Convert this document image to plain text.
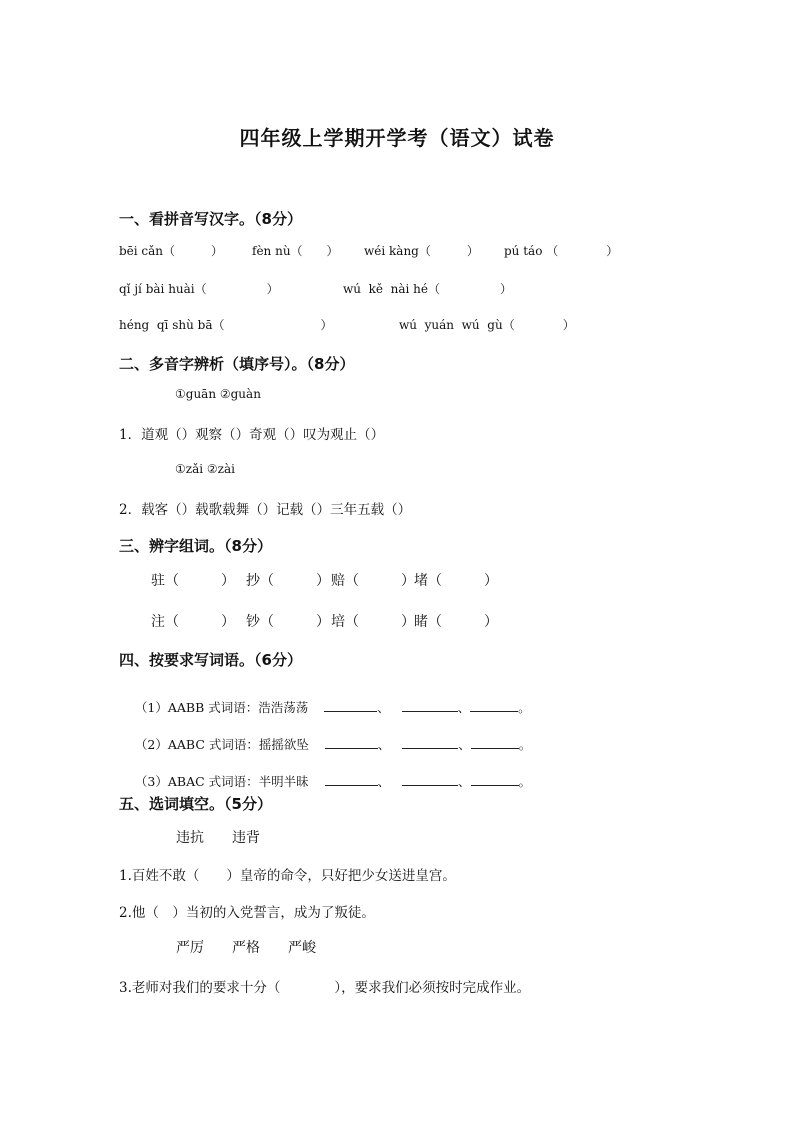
四年级上学期开学考（语文）试卷
一、看拼音写汉字。（8分）
bēi cǎn（　　　） fèn nù（　　） wéi kàng（　　　） pú táo （　　　　）
qǐ jí bài huài（　　　　　）	wú  kě  nài hé（　　　　　）
héng  qī shù bā（　　　　　　　　）	wú  yuán  wú  gù（　　　　）
二、多音字辨析（填序号）。（8分）
①guān ②guàn
1．道观（）观察（）奇观（）叹为观止（）
①zǎi ②zài
2．载客（）载歌载舞（）记载（）三年五载（）
三、辨字组词。（8分）
驻（　　　） 抄（　　　） 赔（　　　） 堵（　　　）
注（　　　） 钞（　　　） 培（　　　） 睹（　　　）
四、按要求写词语。（6分）

（1）AABB 式词语：浩浩荡荡	、	、	。

（2）AABC 式词语：摇摇欲坠	、	、	。

（3）ABAC 式词语：半明半昧	、	、	。

五、选词填空。（5分）
违抗 违背
1.百姓不敢（　　）皇帝的命令，只好把少女送进皇宫。
2.他（　）当初的入党誓言，成为了叛徒。
严厉 严格 严峻
3.老师对我们的要求十分（　　　　），要求我们必须按时完成作业。
